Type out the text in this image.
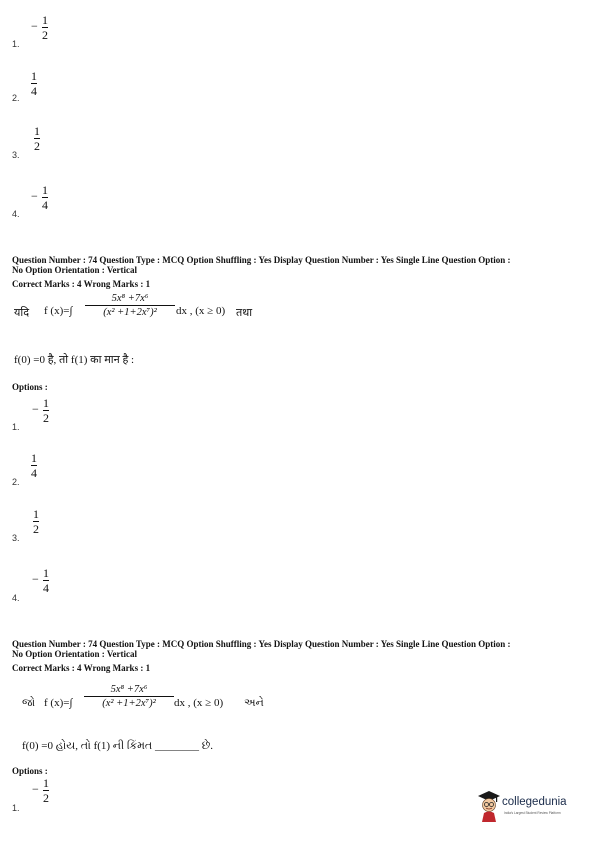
1.
− 1
2
2.
1
4
3.
1
2
4.
− 1
4
Question Number : 74 Question Type : MCQ Option Shuffling : Yes Display Question Number : Yes Single Line Question Option :
No Option Orientation : Vertical
Correct Marks : 4 Wrong Marks : 1
यदि f (x)=∫
5x⁸ +7x⁶
(x² +1+2x⁷)²	dx , (x ≥ 0) तथा
f(0) =0 है, तो f(1) का मान है :
Options :
1.
− 1
2
2.
1
4
3.
1
2
4.
− 1
4
Question Number : 74 Question Type : MCQ Option Shuffling : Yes Display Question Number : Yes Single Line Question Option :
No Option Orientation : Vertical
Correct Marks : 4 Wrong Marks : 1
જો f (x)=∫
5x⁸ +7x⁶
(x² +1+2x⁷)²	dx , (x ≥ 0) અને
f(0) =0 હોય, તો f(1) ની કિંમત ________ છે.
Options :
1.
− 1
2	collegedunia
India's Largest Student Review Platform
